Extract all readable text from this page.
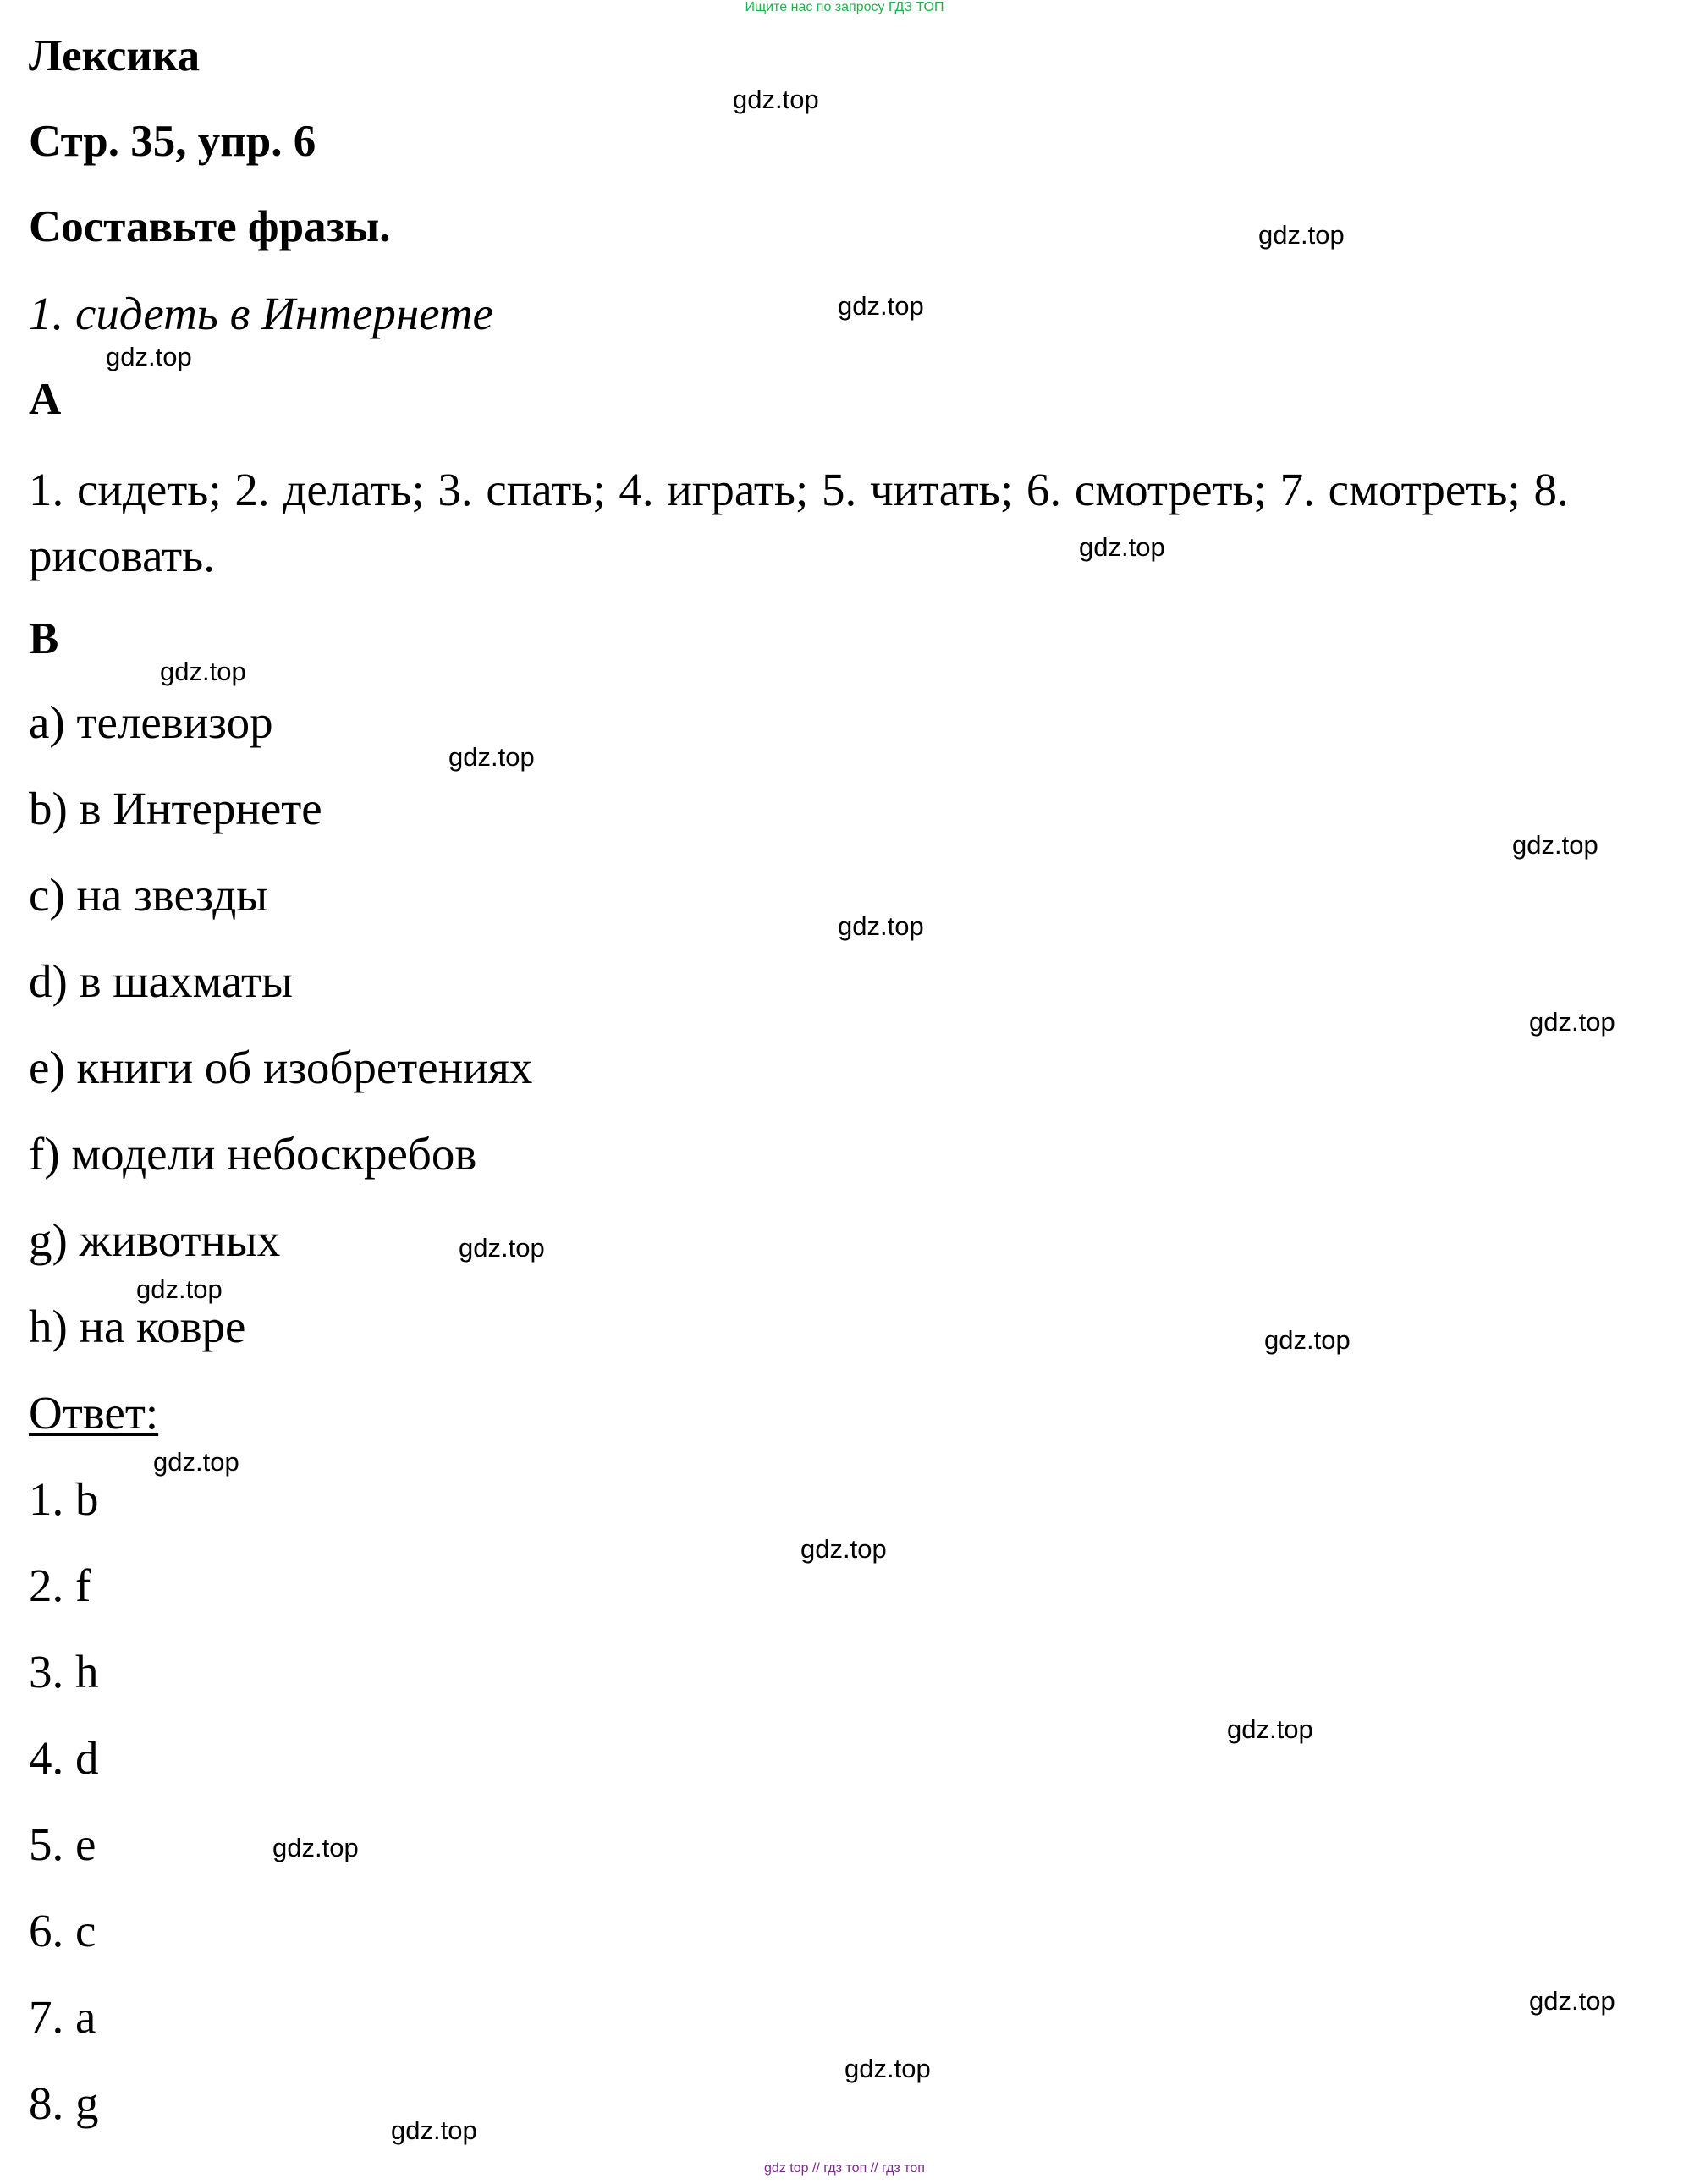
Ищите нас по запросу ГДЗ ТОП
gdz top // гдз топ // гдз топ
Лексика
Стр. 35, упр. 6
Составьте фразы.
1. сидеть в Интернете
A
1. сидеть; 2. делать; 3. спать; 4. играть; 5. читать; 6. смотреть; 7. смотреть; 8. рисовать.
B
a) телевизор
b) в Интернете
c) на звезды
d) в шахматы
e) книги об изобретениях
f) модели небоскребов
g) животных
h) на ковре
Ответ:
1. b
2. f
3. h
4. d
5. e
6. c
7. a
8. g
gdz.top
gdz.top
gdz.top
gdz.top
gdz.top
gdz.top
gdz.top
gdz.top
gdz.top
gdz.top
gdz.top
gdz.top
gdz.top
gdz.top
gdz.top
gdz.top
gdz.top
gdz.top
gdz.top
gdz.top
